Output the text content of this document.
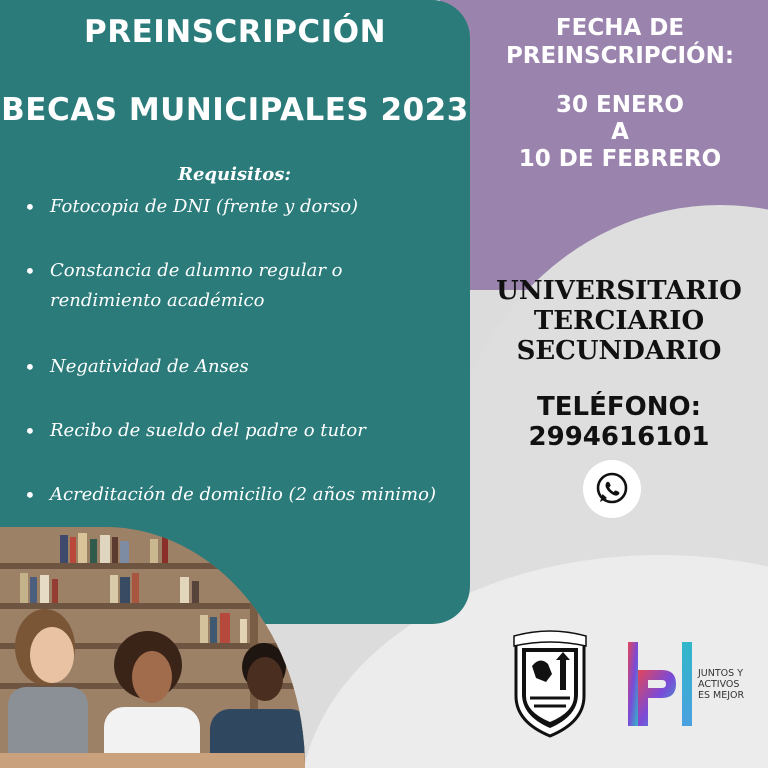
PREINSCRIPCIÓN
BECAS MUNICIPALES 2023
Requisitos:
• Fotocopia de DNI (frente y dorso)
• Constancia de alumno regular o rendimiento académico
• Negatividad de Anses
• Recibo de sueldo del padre o tutor
• Acreditación de domicilio (2 años minimo)
FECHA DE
PREINSCRIPCIÓN:
30 ENERO
A
10 DE FEBRERO
UNIVERSITARIO
TERCIARIO
SECUNDARIO
TELÉFONO:
2994616101
JUNTOS Y
ACTIVOS
ES MEJOR
